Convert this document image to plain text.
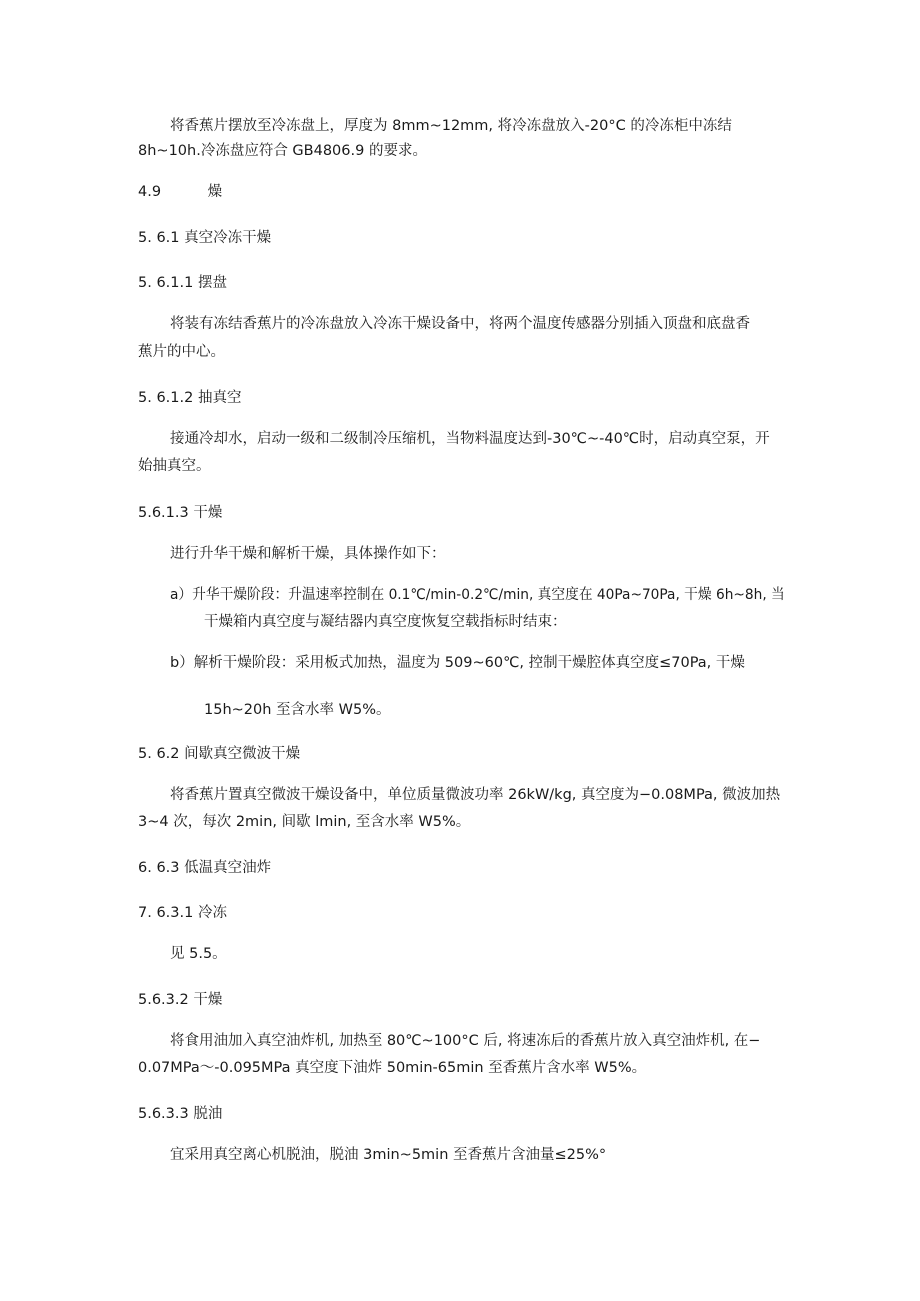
将香蕉片摆放至冷冻盘上，厚度为 8mm~12mm, 将冷冻盘放入-20°C 的冷冻柜中冻结
8h~10h.冷冻盘应符合 GB4806.9 的要求。
4.9	燥
5. 6.1 真空冷冻干燥
5. 6.1.1 摆盘
将装有冻结香蕉片的冷冻盘放入冷冻干燥设备中，将两个温度传感器分别插入顶盘和底盘香
蕉片的中心。
5. 6.1.2 抽真空
接通冷却水，启动一级和二级制冷压缩机，当物料温度达到-30℃~-40℃时，启动真空泵，开
始抽真空。
5.6.1.3 干燥
进行升华干燥和解析干燥，具体操作如下：
a）升华干燥阶段：升温速率控制在 0.1℃/min-0.2℃/min, 真空度在 40Pa~70Pa, 干燥 6h~8h, 当
干燥箱内真空度与凝结器内真空度恢复空载指标时结束：
b）解析干燥阶段：采用板式加热，温度为 509~60℃, 控制干燥腔体真空度≤70Pa, 干燥
15h~20h 至含水率 W5%。
5. 6.2 间歇真空微波干燥
将香蕉片置真空微波干燥设备中，单位质量微波功率 26kW/kg, 真空度为−0.08MPa, 微波加热
3~4 次，每次 2min, 间歇 lmin, 至含水率 W5%。
6. 6.3 低温真空油炸
7. 6.3.1 冷冻
见 5.5。
5.6.3.2 干燥
将食用油加入真空油炸机, 加热至 80℃~100°C 后, 将速冻后的香蕉片放入真空油炸机, 在−
0.07MPa～-0.095MPa 真空度下油炸 50min-65min 至香蕉片含水率 W5%。
5.6.3.3 脱油
宜采用真空离心机脱油，脱油 3min~5min 至香蕉片含油量≤25%°
